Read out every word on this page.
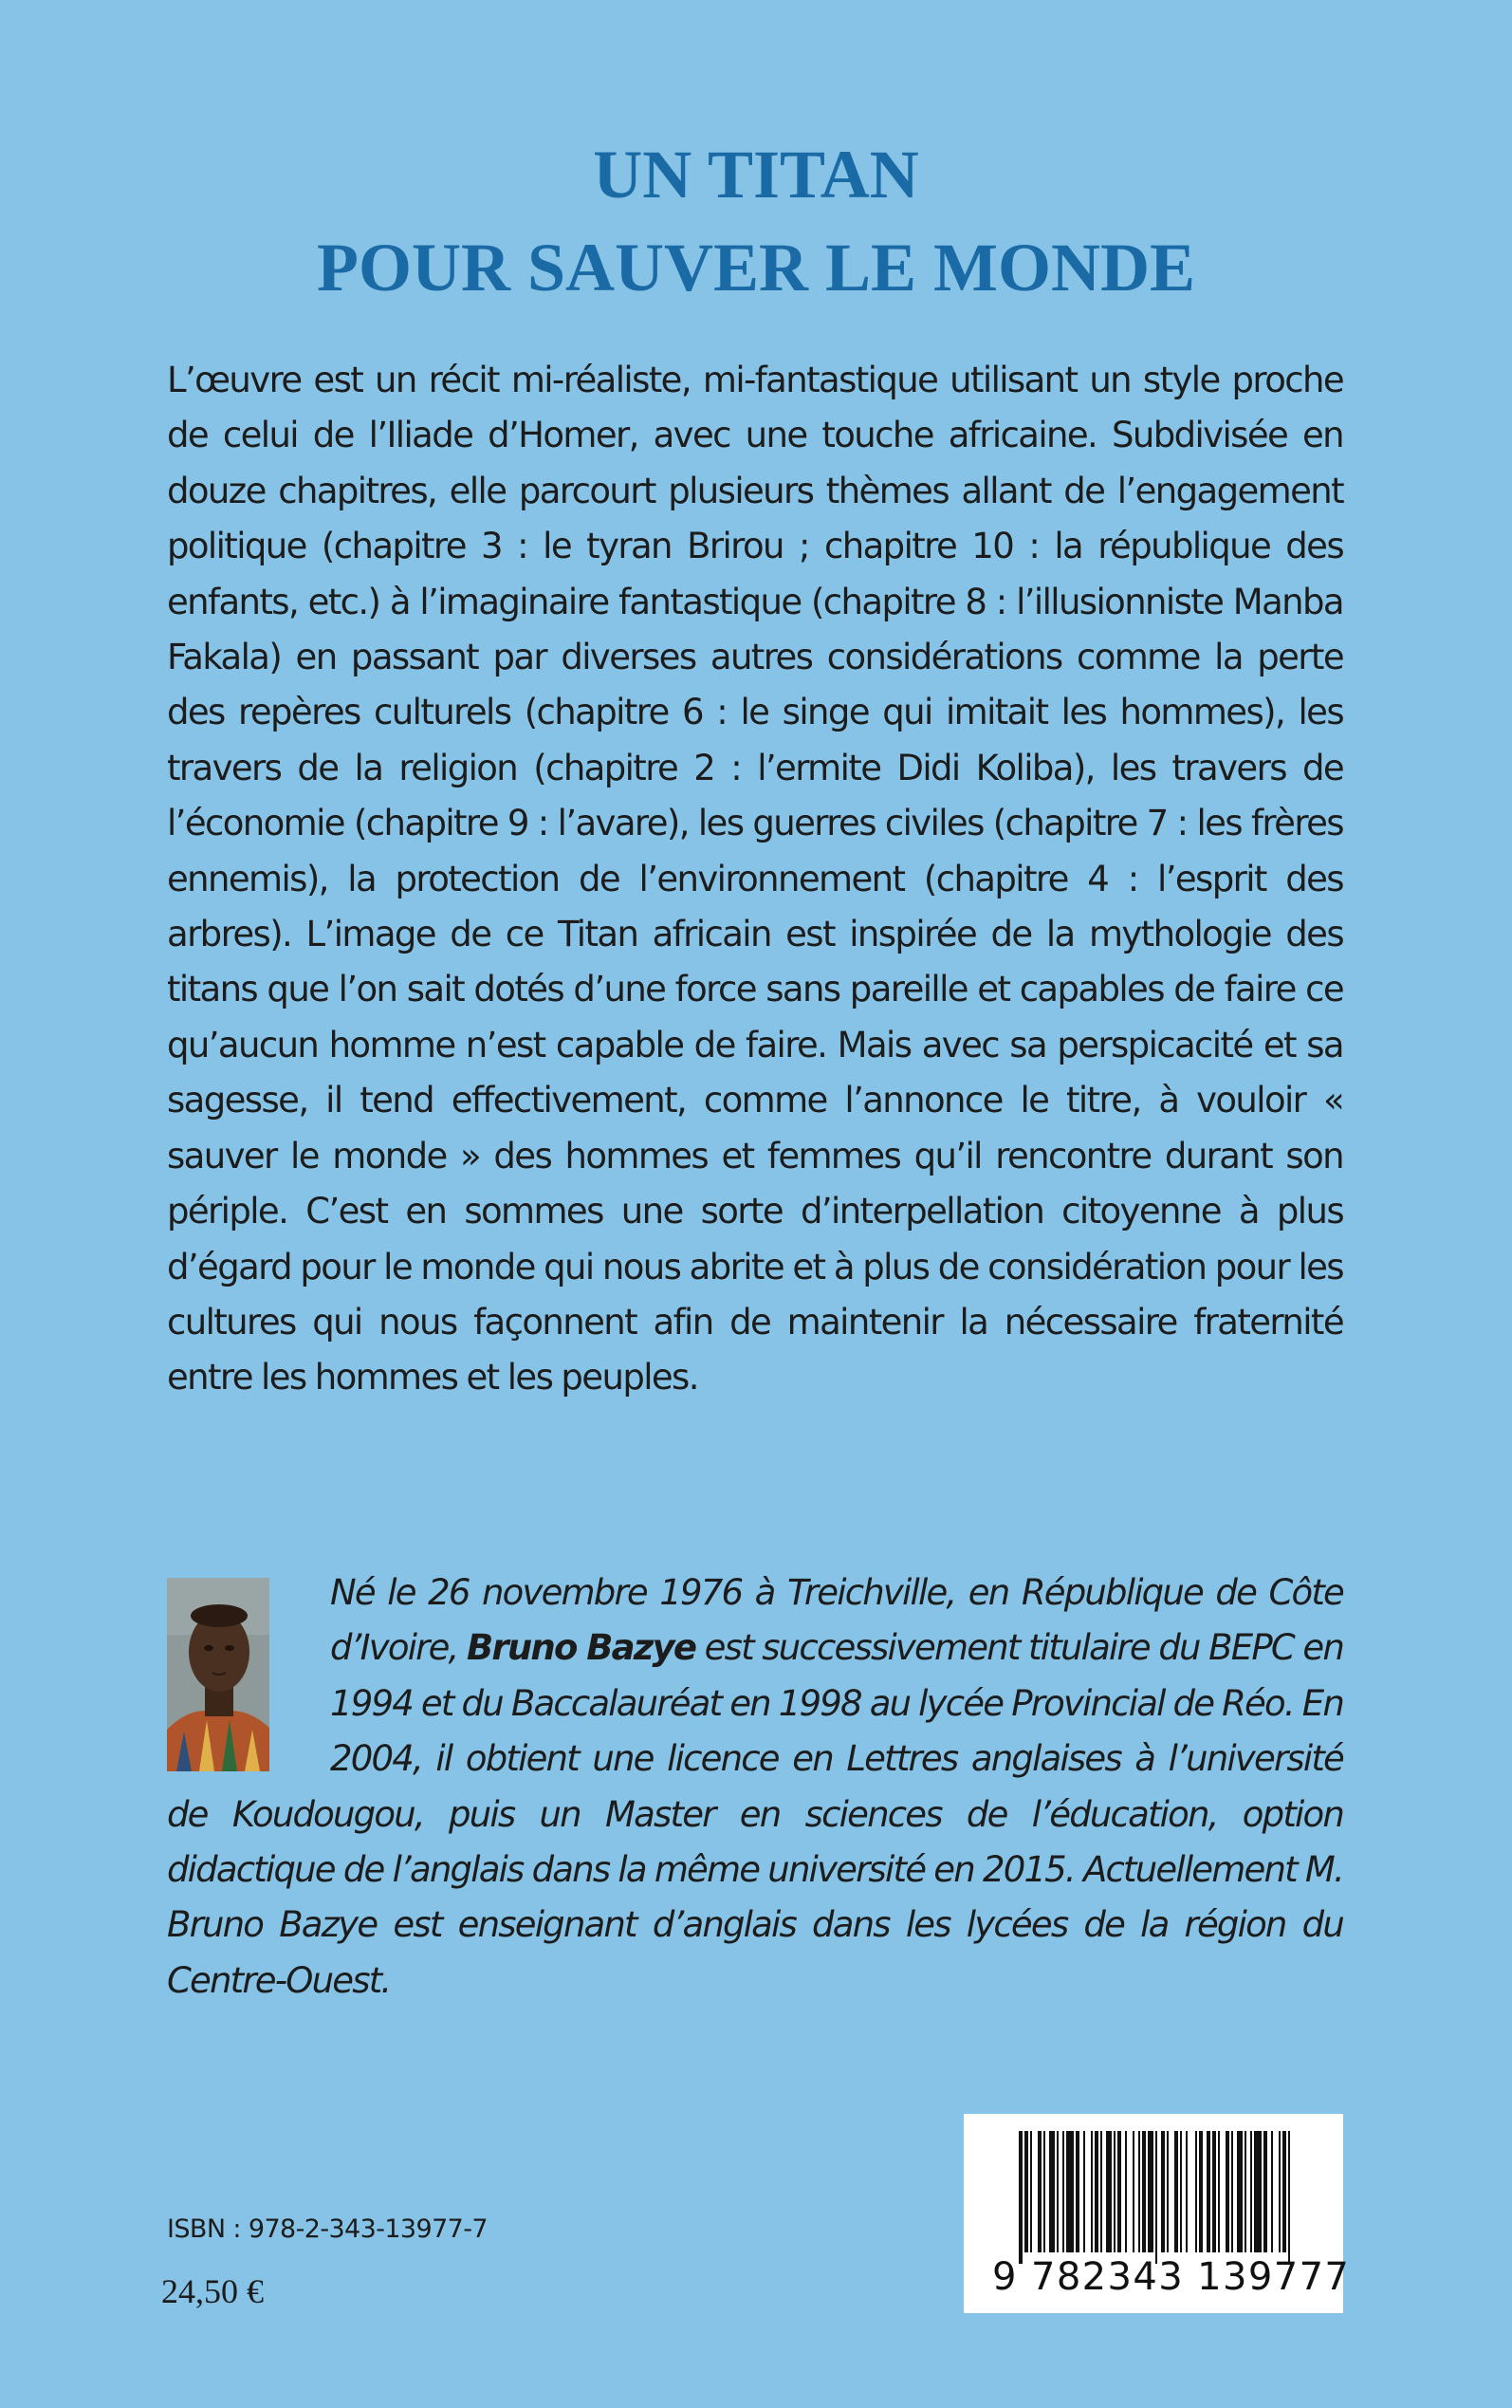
UN TITAN
POUR SAUVER LE MONDE

L’œuvre est un récit mi-réaliste, mi-fantastique utilisant un style proche de celui de l’Iliade d’Homer, avec une touche africaine. Subdivisée en douze chapitres, elle parcourt plusieurs thèmes allant de l’engagement politique (chapitre 3 : le tyran Brirou ; chapitre 10 : la république des enfants, etc.) à l’imaginaire fantastique (chapitre 8 : l’illusionniste Manba Fakala) en passant par diverses autres considérations comme la perte des repères culturels (chapitre 6 : le singe qui imitait les hommes), les travers de la religion (chapitre 2 : l’ermite Didi Koliba), les travers de l’économie (chapitre 9 : l’avare), les guerres civiles (chapitre 7 : les frères ennemis), la protection de l’environnement (chapitre 4 : l’esprit des arbres). L’image de ce Titan africain est inspirée de la mythologie des titans que l’on sait dotés d’une force sans pareille et capables de faire ce qu’aucun homme n’est capable de faire. Mais avec sa perspicacité et sa sagesse, il tend effectivement, comme l’annonce le titre, à vouloir « sauver le monde » des hommes et femmes qu’il rencontre durant son périple. C’est en sommes une sorte d’interpellation citoyenne à plus d’égard pour le monde qui nous abrite et à plus de considération pour les cultures qui nous façonnent afin de maintenir la nécessaire fraternité entre les hommes et les peuples.

Né le 26 novembre 1976 à Treichville, en République de Côte d’Ivoire, Bruno Bazye est successivement titulaire du BEPC en 1994 et du Baccalauréat en 1998 au lycée Provincial de Réo. En 2004, il obtient une licence en Lettres anglaises à l’université de Koudougou, puis un Master en sciences de l’éducation, option didactique de l’anglais dans la même université en 2015. Actuellement M. Bruno Bazye est enseignant d’anglais dans les lycées de la région du Centre-Ouest.

ISBN : 978-2-343-13977-7

24,50 €	9 782343 139777
